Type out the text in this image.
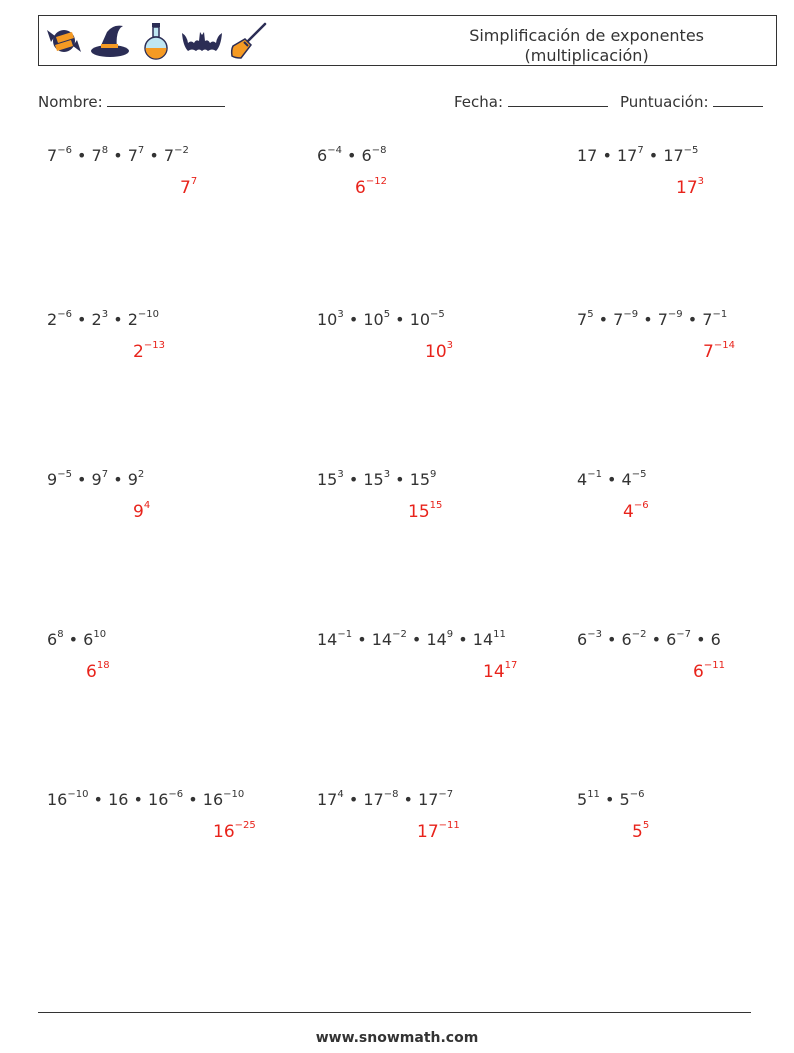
Simplificación de exponentes
(multiplicación)
Nombre:	Fecha:	Puntuación:
$7^{-6}$ • $7^8$ • $7^7$ • $7^{-2}$
$7^7$
$6^{-4}$ • $6^{-8}$
$6^{-12}$
17 • $17^7$ • $17^{-5}$
$17^3$
$2^{-6}$ • $2^3$ • $2^{-10}$
$2^{-13}$
$10^3$ • $10^5$ • $10^{-5}$
$10^3$
$7^5$ • $7^{-9}$ • $7^{-9}$ • $7^{-1}$
$7^{-14}$
$9^{-5}$ • $9^7$ • $9^2$
$9^4$
$15^3$ • $15^3$ • $15^9$
$15^{15}$
$4^{-1}$ • $4^{-5}$
$4^{-6}$
$6^8$ • $6^{10}$
$6^{18}$
$14^{-1}$ • $14^{-2}$ • $14^9$ • $14^{11}$
$14^{17}$
$6^{-3}$ • $6^{-2}$ • $6^{-7}$ • 6
$6^{-11}$
$16^{-10}$ • 16 • $16^{-6}$ • $16^{-10}$
$16^{-25}$
$17^4$ • $17^{-8}$ • $17^{-7}$
$17^{-11}$
$5^{11}$ • $5^{-6}$
$5^5$
www.snowmath.com
